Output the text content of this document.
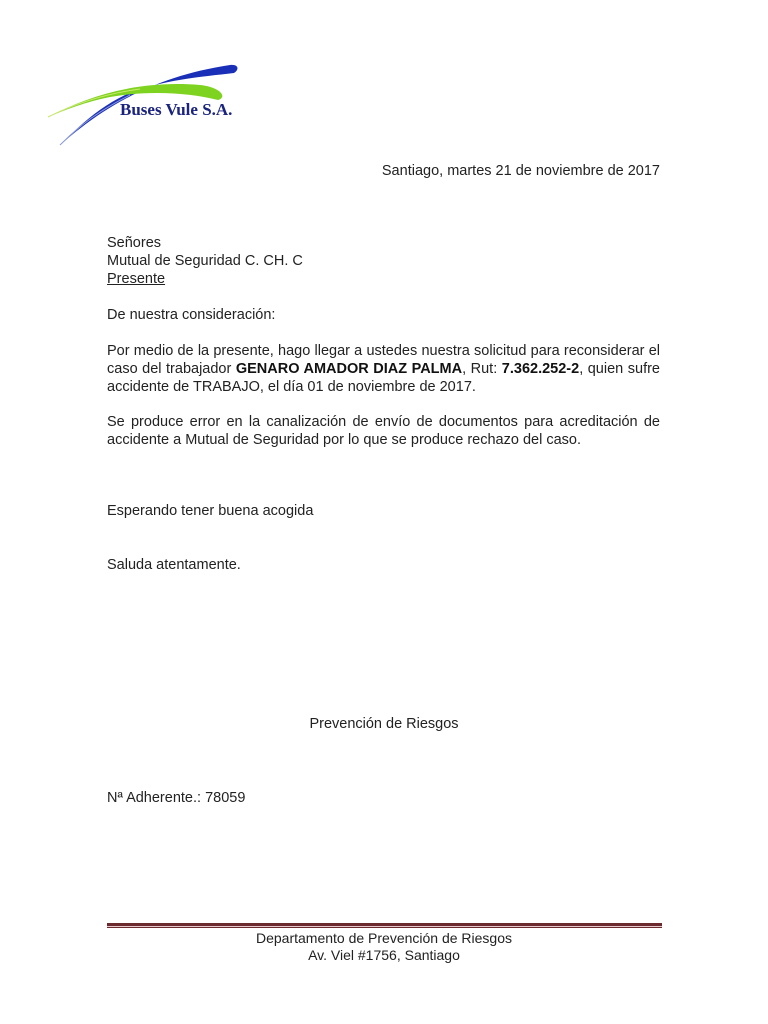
Buses Vule S.A.
Santiago, martes 21 de noviembre de 2017
Señores
Mutual de Seguridad C. CH. C
Presente
De nuestra consideración:
Por medio de la presente, hago llegar a ustedes nuestra solicitud para reconsiderar el caso del trabajador GENARO AMADOR DIAZ PALMA, Rut: 7.362.252-2, quien sufre accidente de TRABAJO, el día 01 de noviembre de 2017.
Se produce error en la canalización de envío de documentos para acreditación de accidente a Mutual de Seguridad por lo que se produce rechazo del caso.
Esperando tener buena acogida
Saluda atentamente.
Prevención de Riesgos
Nª Adherente.: 78059
Departamento de Prevención de Riesgos
Av. Viel #1756, Santiago
